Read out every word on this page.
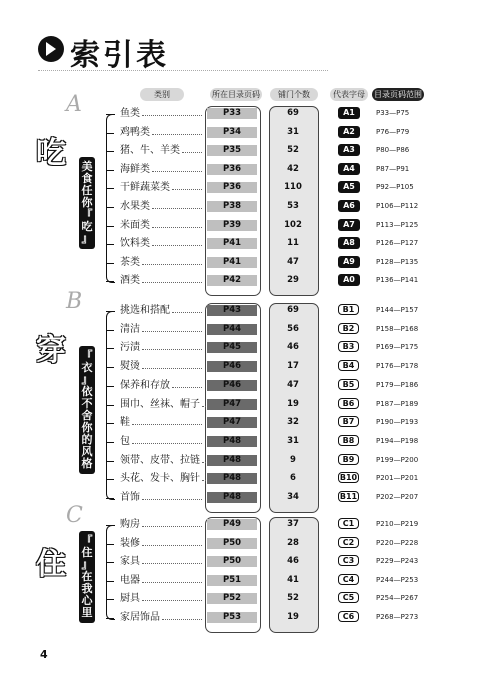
索引表
类别	所在目录页码	铺门个数	代表字母	目录页码范围
A
吃 美
食
任
你
『
吃
』
鱼类	P33	69	A1	P33—P75
鸡鸭类	P34	31	A2	P76—P79
猪、牛、羊类	P35	52	A3	P80—P86
海鲜类	P36	42	A4	P87—P91
干鲜蔬菜类	P36	110	A5	P92—P105
水果类	P38	53	A6	P106—P112
米面类	P39	102	A7	P113—P125
饮料类	P41	11	A8	P126—P127
茶类	P41	47	A9	P128—P135
酒类	P42	29	A0	P136—P141
B
穿 『
衣
』
依
不
舍
你
的
风
格
挑选和搭配	P43	69	B1	P144—P157
清洁	P44	56	B2	P158—P168
污渍	P45	46	B3	P169—P175
熨烫	P46	17	B4	P176—P178
保养和存放	P46	47	B5	P179—P186
围巾、丝袜、帽子	P47	19	B6	P187—P189
鞋	P47	32	B7	P190—P193
包	P48	31	B8	P194—P198
领带、皮带、拉链	P48	9	B9	P199—P200
头花、发卡、胸针	P48	6	B10	P201—P201
首饰	P48	34	B11	P202—P207
C
住
『
住
』
在
我
心
里
购房	P49	37	C1	P210—P219
装修	P50	28	C2	P220—P228
家具	P50	46	C3	P229—P243
电器	P51	41	C4	P244—P253
厨具	P52	52	C5	P254—P267
家居饰品	P53	19	C6	P268—P273
4
